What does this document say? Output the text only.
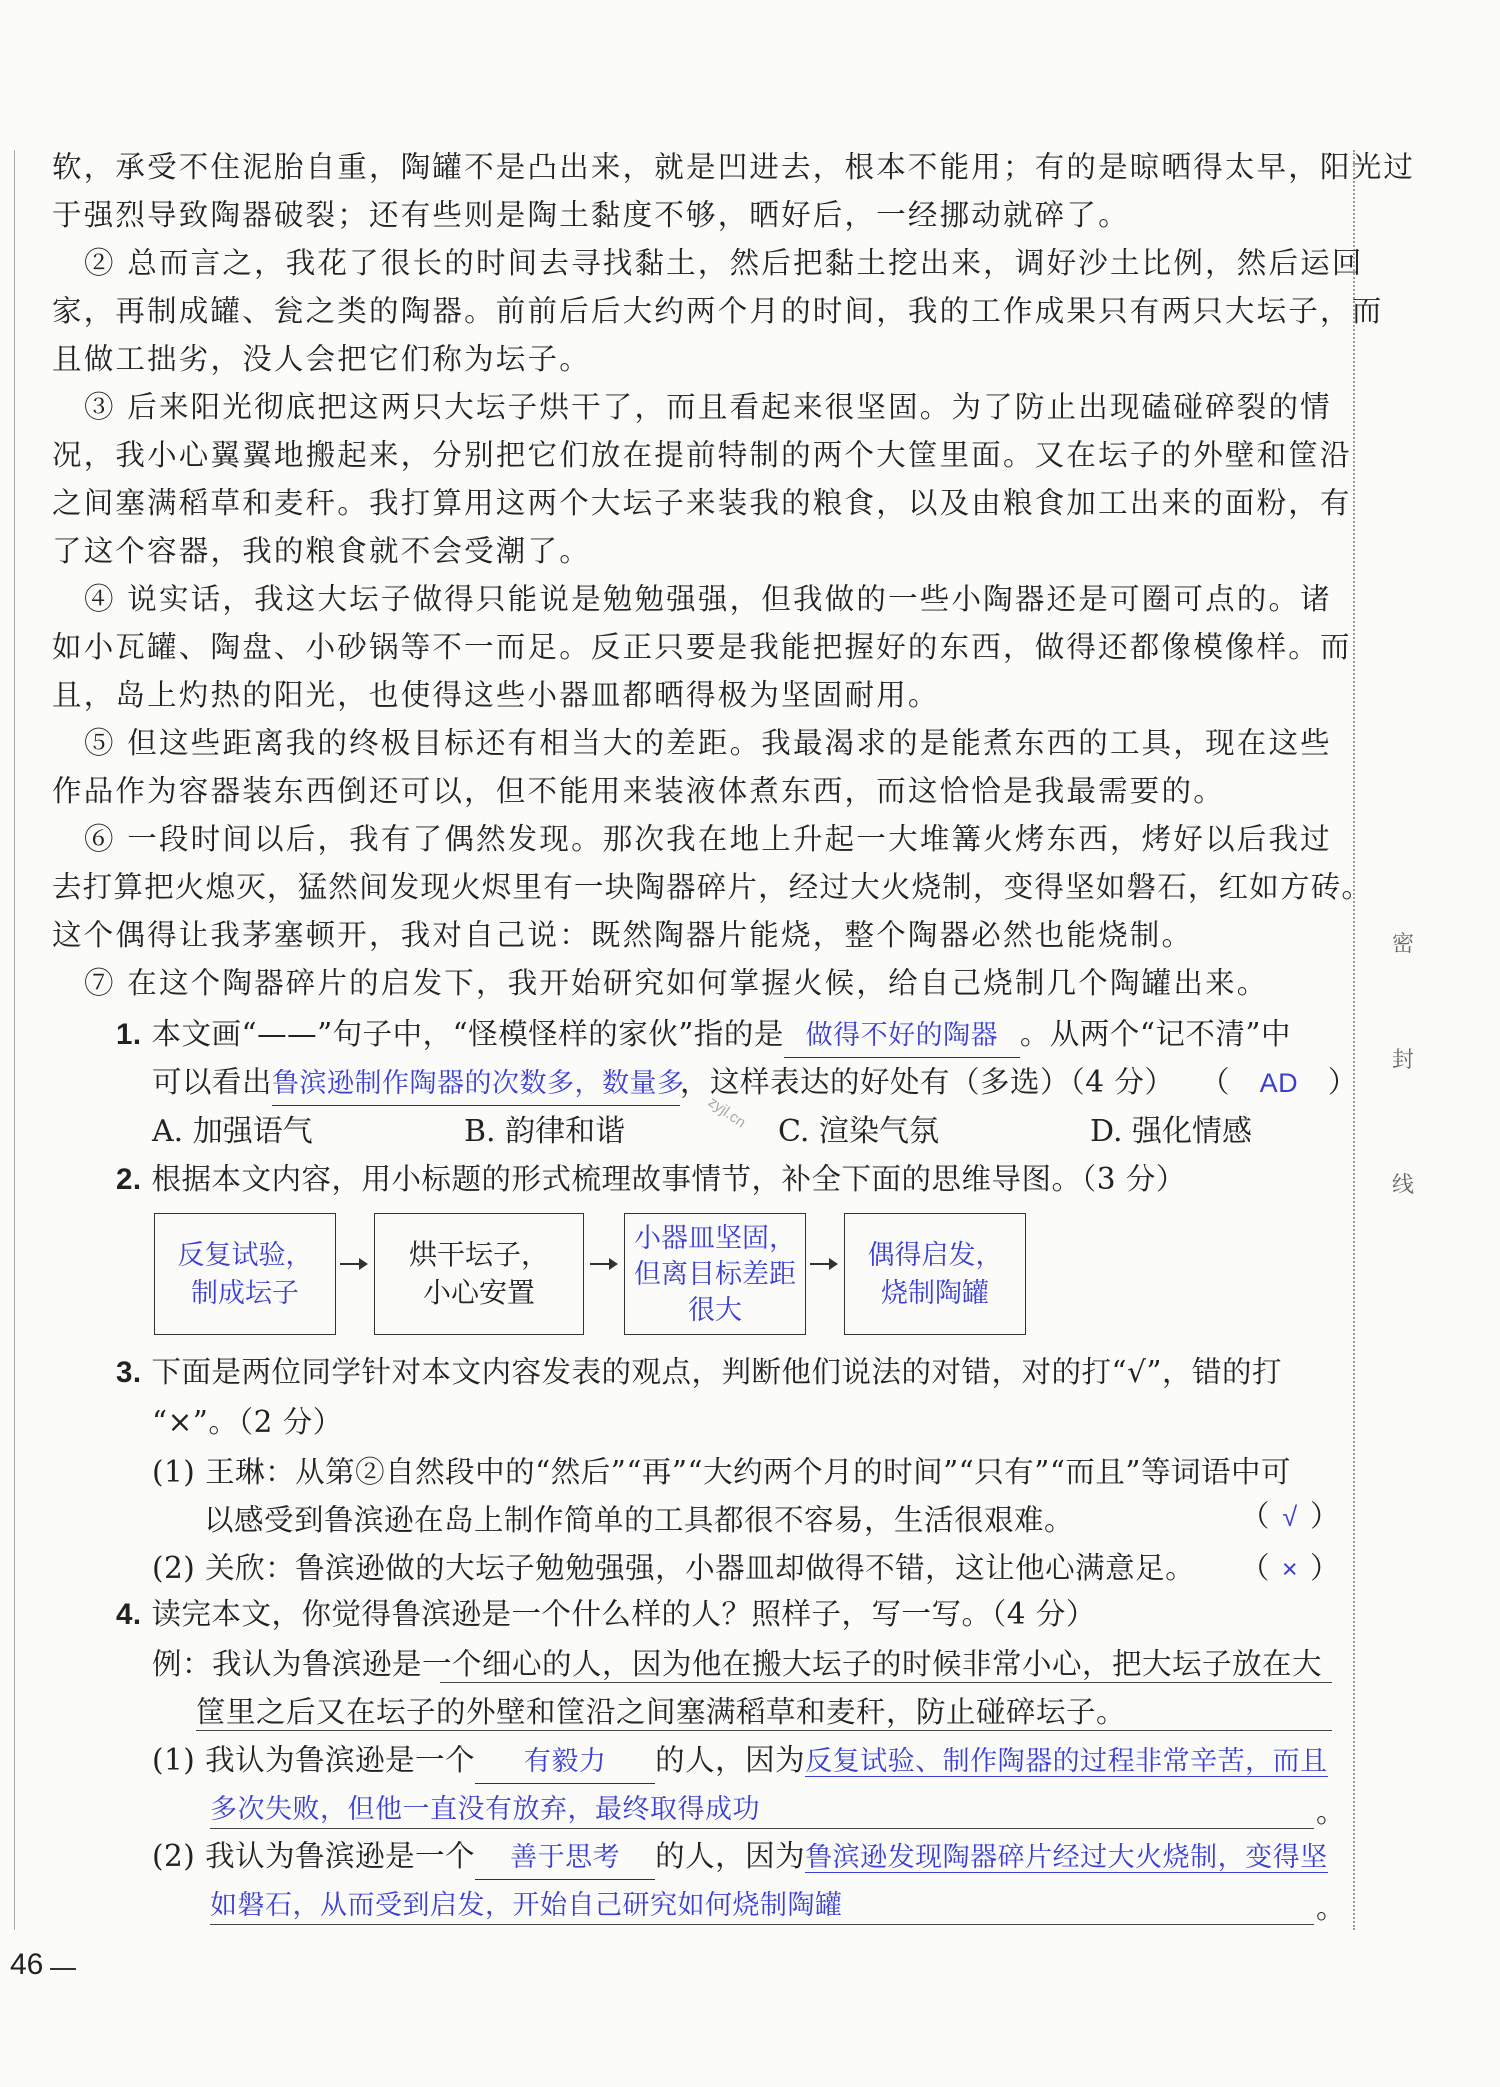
密
封
线
软，承受不住泥胎自重，陶罐不是凸出来，就是凹进去，根本不能用；有的是晾晒得太早，阳光过
于强烈导致陶器破裂；还有些则是陶土黏度不够，晒好后，一经挪动就碎了。
② 总而言之，我花了很长的时间去寻找黏土，然后把黏土挖出来，调好沙土比例，然后运回
家，再制成罐、瓮之类的陶器。前前后后大约两个月的时间，我的工作成果只有两只大坛子，而
且做工拙劣，没人会把它们称为坛子。
③ 后来阳光彻底把这两只大坛子烘干了，而且看起来很坚固。为了防止出现磕碰碎裂的情
况，我小心翼翼地搬起来，分别把它们放在提前特制的两个大筐里面。又在坛子的外壁和筐沿
之间塞满稻草和麦秆。我打算用这两个大坛子来装我的粮食，以及由粮食加工出来的面粉，有
了这个容器，我的粮食就不会受潮了。
④ 说实话，我这大坛子做得只能说是勉勉强强，但我做的一些小陶器还是可圈可点的。诸
如小瓦罐、陶盘、小砂锅等不一而足。反正只要是我能把握好的东西，做得还都像模像样。而
且，岛上灼热的阳光，也使得这些小器皿都晒得极为坚固耐用。
⑤ 但这些距离我的终极目标还有相当大的差距。我最渴求的是能煮东西的工具，现在这些
作品作为容器装东西倒还可以，但不能用来装液体煮东西，而这恰恰是我最需要的。
⑥ 一段时间以后，我有了偶然发现。那次我在地上升起一大堆篝火烤东西，烤好以后我过
去打算把火熄灭，猛然间发现火烬里有一块陶器碎片，经过大火烧制，变得坚如磐石，红如方砖。
这个偶得让我茅塞顿开，我对自己说：既然陶器片能烧，整个陶器必然也能烧制。
⑦ 在这个陶器碎片的启发下，我开始研究如何掌握火候，给自己烧制几个陶罐出来。
1. 本文画“——”句子中，“怪模怪样的家伙”指的是 做得不好的陶器 。从两个“记不清”中
可以看出鲁滨逊制作陶器的次数多，数量多，这样表达的好处有（多选）（4 分） （ AD ）
A. 加强语气	B. 韵律和谐	C. 渲染气氛	D. 强化情感
zyjl.cn
2. 根据本文内容，用小标题的形式梳理故事情节，补全下面的思维导图。（3 分）
反复试验，
制成坛子
烘干坛子，
小心安置
小器皿坚固，
但离目标差距
很大
偶得启发，
烧制陶罐
3. 下面是两位同学针对本文内容发表的观点，判断他们说法的对错，对的打“√”，错的打
“×”。（2 分）
(1) 王琳：从第②自然段中的“然后”“再”“大约两个月的时间”“只有”“而且”等词语中可
以感受到鲁滨逊在岛上制作简单的工具都很不容易，生活很艰难。	（ √ ）
(2) 关欣：鲁滨逊做的大坛子勉勉强强，小器皿却做得不错，这让他心满意足。 （ × ）
4. 读完本文，你觉得鲁滨逊是一个什么样的人？照样子，写一写。（4 分）
例：我认为鲁滨逊是一个细心的人，因为他在搬大坛子的时候非常小心，把大坛子放在大
筐里之后又在坛子的外壁和筐沿之间塞满稻草和麦秆，防止碰碎坛子。
(1) 我认为鲁滨逊是一个 有毅力 的人，因为反复试验、制作陶器的过程非常辛苦，而且
多次失败，但他一直没有放弃，最终取得成功	。
(2) 我认为鲁滨逊是一个 善于思考 的人，因为鲁滨逊发现陶器碎片经过大火烧制，变得坚
如磐石，从而受到启发，开始自己研究如何烧制陶罐	。
46
